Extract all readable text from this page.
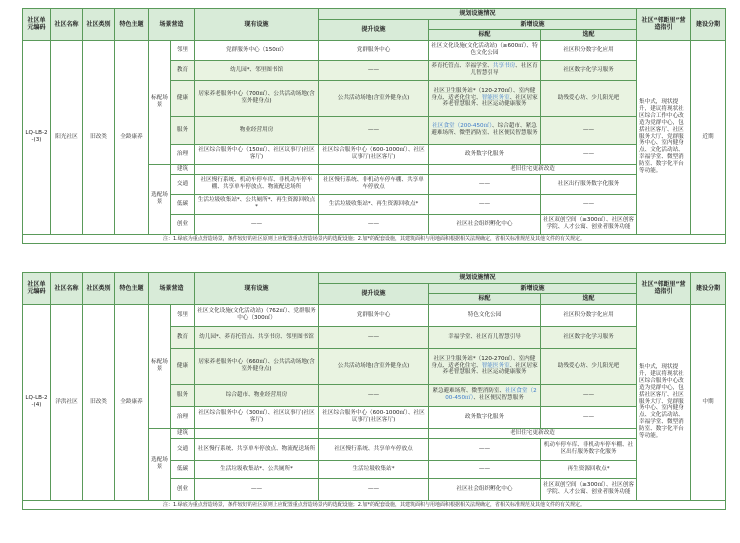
社区单元编码	社区名称	社区类别	特色主题	场景营造		现有设施	规划设施情况			社区“邻距里”营造指引	建设分期
							提升设施	新增设施			
								标配	选配		
LQ-LB-2-(3)	阳光社区	旧改类	全龄康养	标配场景	邻里	党群服务中心（150㎡）	党群服务中心	社区文化设施(文化活动站)（≥600㎡）、特色文化公园	社区积分数字化应用	集中式，现状提升，建议将现状社区综合工作中心改造为党群中心，包括社区客厅、社区服务大厅、党群服务中心、室内健身点、文化活动站、幸福学堂、微型消防室、数字化平台等功能。	近期
					教育	幼儿园*、邻里图书馆	——	养育托管点、幸福学堂、共享书房、社区育儿智慧引导	社区数字化学习服务		
					健康	居家养老服务中心（700㎡）、公共活动场地(含室外健身点)	公共活动场地(含室外健身点)	社区卫生服务站*（120-270㎡）、室内健身点、适老化住宅、智能医务室、社区居家养老智慧服务、社区运动健康服务	助残爱心坊、少儿阳光吧		
					服务	物业经营用房	——	社区食堂（200-450㎡）、综合超市、紧急避难场所、微型消防室、社区便民智慧服务	——		
					治理	社区综合服务中心（150㎡）、社区议事厅(社区客厅)	社区综合服务中心（600-1000㎡）、社区议事厅(社区客厅)	政务数字化服务	——		
				选配场景	建筑			老旧住宅更新改造			
					交通	社区慢行系统、机动车停车库、非机动车停车棚、共享单车停放点、物流配送场所	社区慢行系统、非机动车停车棚、共享单车停放点	——	社区出行服务数字化服务		
					低碳	生活垃圾收集站*、公共厕所*、再生资源回收点*	生活垃圾收集站*、再生资源回收点*	——	——		
					创业	——	——	社区社会组织孵化中心	社区双创空间（≥300㎡）、社区创客学院、人才公寓、创业者服务功能		
注：1.绿底为重点营造场景，条件较好的社区原则上应配置重点营造场景内的选配设施；2.加*的配套设施，其建筑面积与用地面积根据相关法规确定，省相关标准规范及其他文件的有关规定。											
社区单元编码	社区名称	社区类别	特色主题	场景营造		现有设施	规划设施情况			社区“邻距里”营造指引	建设分期
							提升设施	新增设施			
								标配	选配		
LQ-LB-2-(4)	洋洪社区	旧改类	全龄康养	标配场景	邻里	社区文化设施(文化活动站)（762㎡）、党群服务中心（300㎡）	党群服务中心	特色文化公园	社区积分数字化应用	集中式，现状提升，建议将现状社区综合服务中心改造为党群中心，包括社区客厅、社区服务大厅、党群服务中心、室内健身点、文化活动站、幸福学堂、微型消防室、数字化平台等功能。	中期
					教育	幼儿园*、养育托管点、共享书房、邻里图书馆	——	幸福学堂、社区育儿智慧引导	社区数字化学习服务		
					健康	居家养老服务中心（660㎡）、公共活动场地(含室外健身点)	公共活动场地(含室外健身点)	社区卫生服务站*（120-270㎡）、室内健身点、适老化住宅、智能医务室、社区居家养老智慧服务、社区运动健康服务	助残爱心坊、少儿阳光吧		
					服务	综合超市、物业经营用房	——	紧急避难场所、微型消防室、社区食堂（200-450㎡）、社区便民智慧服务	——		
					治理	社区综合服务中心（300㎡）、社区议事厅(社区客厅)	社区综合服务中心（600-1000㎡）、社区议事厅(社区客厅)	政务数字化服务	——		
				选配场景	建筑			老旧住宅更新改造			
					交通	社区慢行系统、共享单车停放点、物流配送场所	社区慢行系统、共享单车停放点	——	机动车停车库、非机动车停车棚、社区出行服务数字化服务		
					低碳	生活垃圾收集站*、公共厕所*	生活垃圾收集站*	——	再生资源回收点*		
					创业	——	——	社区社会组织孵化中心	社区双创空间（≥300㎡）、社区创客学院、人才公寓、创业者服务功能		
注：1.绿底为重点营造场景，条件较好的社区原则上应配置重点营造场景内的选配设施；2.加*的配套设施，其建筑面积与用地面积根据相关法规确定，省相关标准规范及其他文件的有关规定。											
